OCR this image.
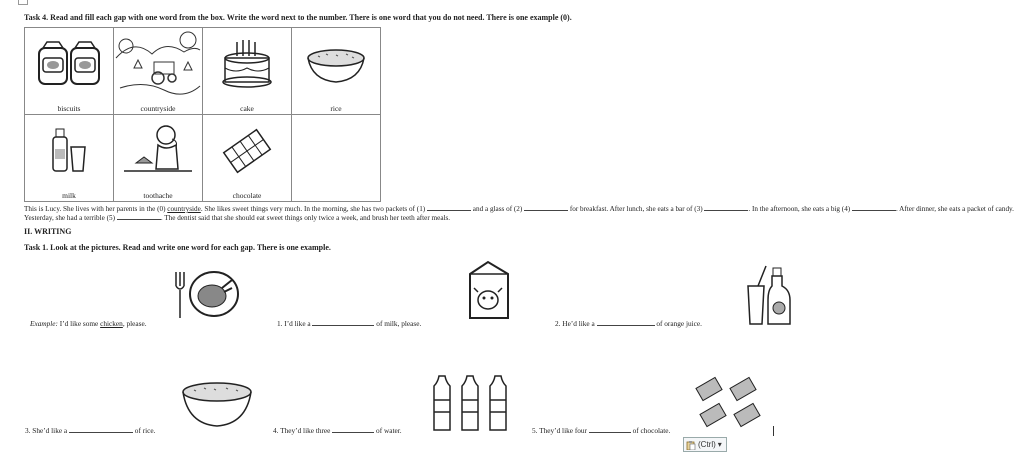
Task 4. Read and fill each gap with one word from the box. Write the word next to the number. There is one word that you do not need. There is one example (0).
biscuits	countryside	cake	rice

milk	toothache	chocolate	

This is Lucy. She lives with her parents in the (0) countryside. She likes sweet things very much. In the morning, she has two packets of (1)	and a glass of (2)	for breakfast. After lunch, she eats a bar of (3)	. In the afternoon, she eats a big (4)	. After dinner, she eats a packet of candy. Yesterday, she had a terrible (5)	. The dentist said that she should eat sweet things only twice a week, and brush her teeth after meals.
II. WRITING
Task 1. Look at the pictures. Read and write one word for each gap. There is one example.
Example: I’d like some chicken, please.	1. I’d like a	of milk, please.	2. He’d like a	of orange juice.
3. She’d like a	of rice.	4. They’d like three	of water.	5. They’d like four	of chocolate.
(Ctrl) ▾
